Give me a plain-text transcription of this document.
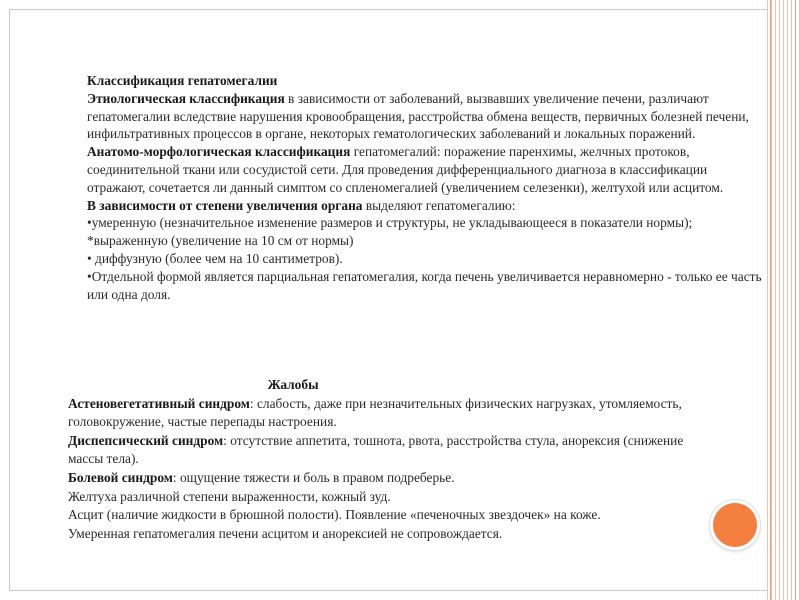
Классификация гепатомегалии

Этиологическая классификация в зависимости от заболеваний, вызвавших увеличение печени, различают гепатомегалии вследствие нарушения кровообращения, расстройства обмена веществ, первичных болезней печени, инфильтративных процессов в органе, некоторых гематологических заболеваний и локальных поражений.

Анатомо-морфологическая классификация гепатомегалий: поражение паренхимы, желчных протоков, соединительной ткани или сосудистой сети. Для проведения дифференциального диагноза в классификации отражают, сочетается ли данный симптом со спленомегалией (увеличением селезенки), желтухой или асцитом.

В зависимости от степени увеличения органа выделяют гепатомегалию:

•умеренную (незначительное изменение размеров и структуры, не укладывающееся в показатели нормы); *выраженную (увеличение на 10 см от нормы)

• диффузную (более чем на 10 сантиметров).

•Отдельной формой является парциальная гепатомегалия, когда печень увеличивается неравномерно - только ее часть или одна доля.

Жалобы

Астеновегетативный синдром: слабость, даже при незначительных физических нагрузках, утомляемость, головокружение, частые перепады настроения.

Диспепсический синдром: отсутствие аппетита, тошнота, рвота, расстройства стула, анорексия (снижение массы тела).

Болевой синдром: ощущение тяжести и боль в правом подреберье.

Желтуха различной степени выраженности, кожный зуд.

Асцит (наличие жидкости в брюшной полости). Появление «печеночных звездочек» на коже.

Умеренная гепатомегалия печени асцитом и анорексией не сопровождается.
